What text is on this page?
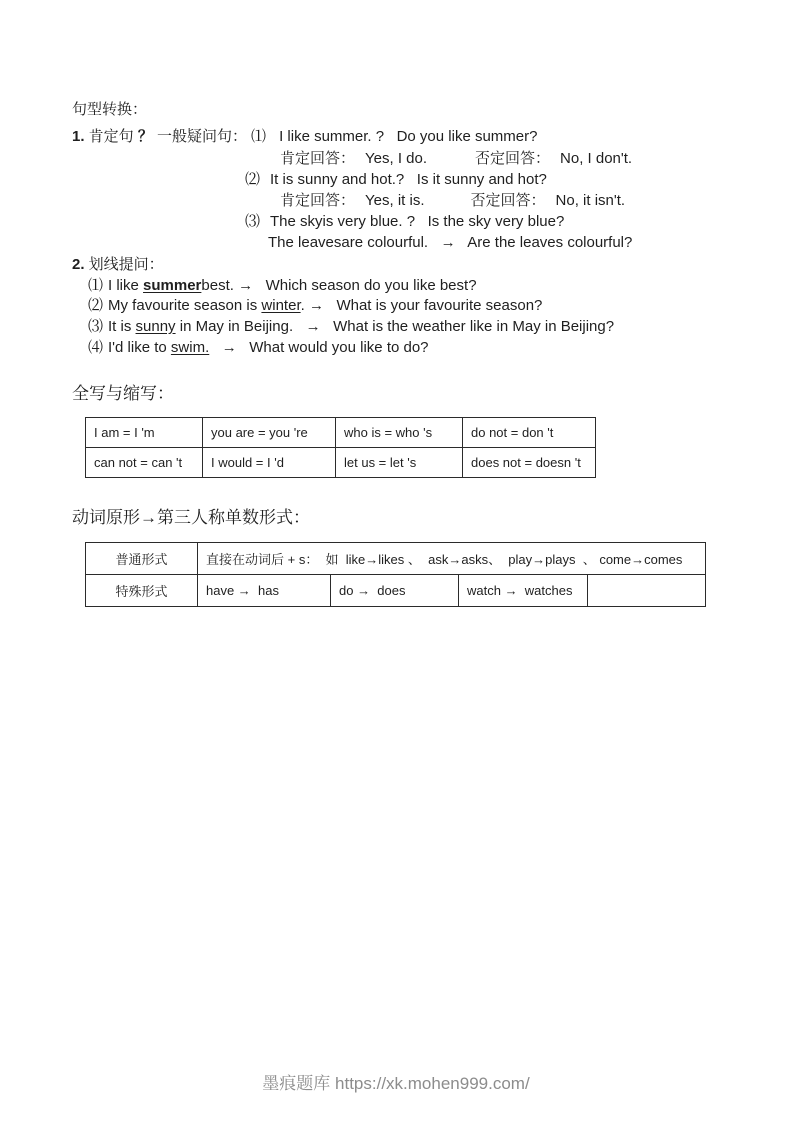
句型转换：
1. 肯定句 ？ 一般疑问句： ⑴ I like summer. ?   Do you like summer?
肯定回答： Yes, I do.	否定回答： No, I don't.
⑵ It is sunny and hot.?   Is it sunny and hot?
肯定回答： Yes, it is.	否定回答： No, it isn't.
⑶ The skyis very blue. ?   Is the sky very blue?
The leavesare colourful.   →   Are the leaves colourful?
2. 划线提问：
⑴ I like summerbest. →   Which season do you like best?
⑵ My favourite season is winter. →   What is your favourite season?
⑶ It is sunny in May in Beijing.   →   What is the weather like in May in Beijing?
⑷ I'd like to swim.   →   What would you like to do?
全写与缩写：
I am = I 'm	you are = you 're	who is = who 's	do not = don 't
can not = can 't	I would = I 'd	let us = let 's	does not = doesn 't
动词原形→第三人称单数形式：
普通形式	直接在动词后 + s：  如  like→likes 、  ask→asks、  play→plays  、 come→comes			
特殊形式	have →  has	do →  does	watch →  watches	
墨痕题库 https://xk.mohen999.com/
